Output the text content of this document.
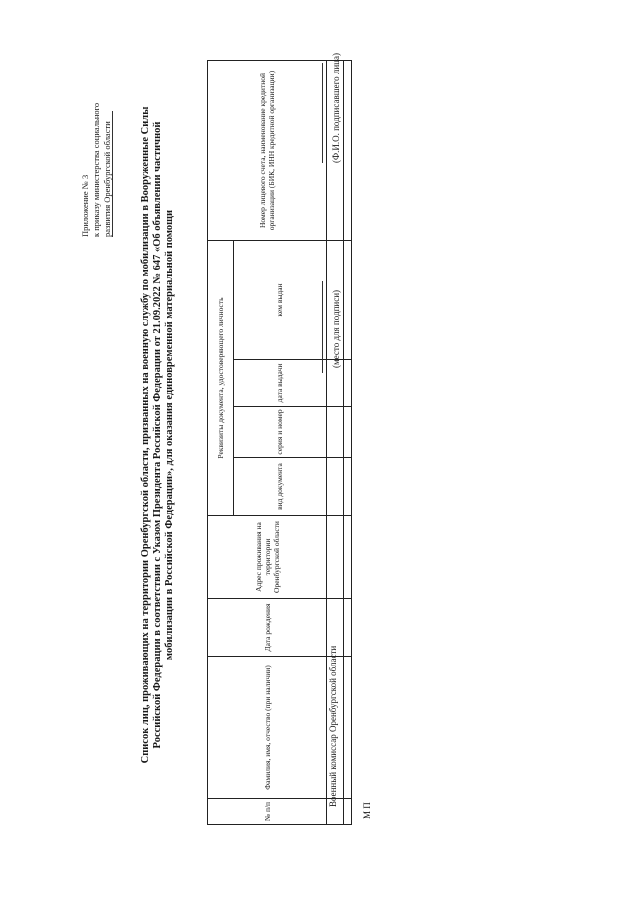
Приложение № 3 к приказу министерства социального развития Оренбургской области	Список лиц, проживающих на территории Оренбургской области, призванных на военную службу по мобилизации в Вооруженные Силы Российской Федерации в соответствии с Указом Президента Российской Федерации от 21.09.2022 № 647 «Об объявлении частичной мобилизации в Российской Федерации», для оказания единовременной материальной помощи
№ п/п	Фамилия, имя, отчество (при наличии)	Дата рождения	Адрес проживания на территории Оренбургской области	Реквизиты документа, удостоверяющего личность				Номер лицевого счета, наименование кредитной организации (БИК, ИНН кредитной организации)
				вид документа	серия и номер	дата выдачи	кем выдан	

Военный комиссар Оренбургской области
(место для подписи)
(Ф.И.О. подписавшего лица)
М П
